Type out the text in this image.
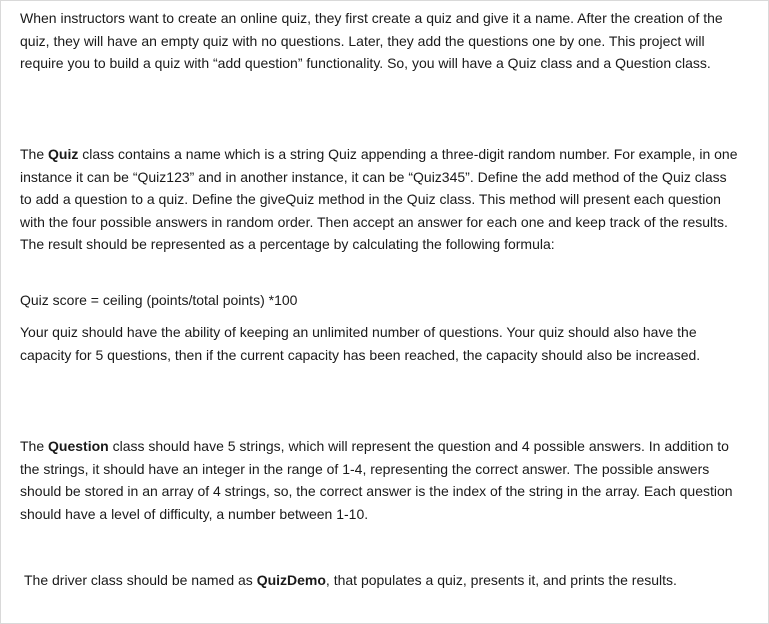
When instructors want to create an online quiz, they first create a quiz and give it a name. After the creation of the quiz, they will have an empty quiz with no questions. Later, they add the questions one by one. This project will require you to build a quiz with “add question” functionality. So, you will have a Quiz class and a Question class.

The Quiz class contains a name which is a string Quiz appending a three-digit random number. For example, in one instance it can be “Quiz123” and in another instance, it can be “Quiz345”. Define the add method of the Quiz class to add a question to a quiz. Define the giveQuiz method in the Quiz class. This method will present each question with the four possible answers in random order. Then accept an answer for each one and keep track of the results. The result should be represented as a percentage by calculating the following formula:

Quiz score = ceiling (points/total points) *100

Your quiz should have the ability of keeping an unlimited number of questions. Your quiz should also have the capacity for 5 questions, then if the current capacity has been reached, the capacity should also be increased.

The Question class should have 5 strings, which will represent the question and 4 possible answers. In addition to the strings, it should have an integer in the range of 1-4, representing the correct answer. The possible answers should be stored in an array of 4 strings, so, the correct answer is the index of the string in the array. Each question should have a level of difficulty, a number between 1-10.

The driver class should be named as QuizDemo, that populates a quiz, presents it, and prints the results.
